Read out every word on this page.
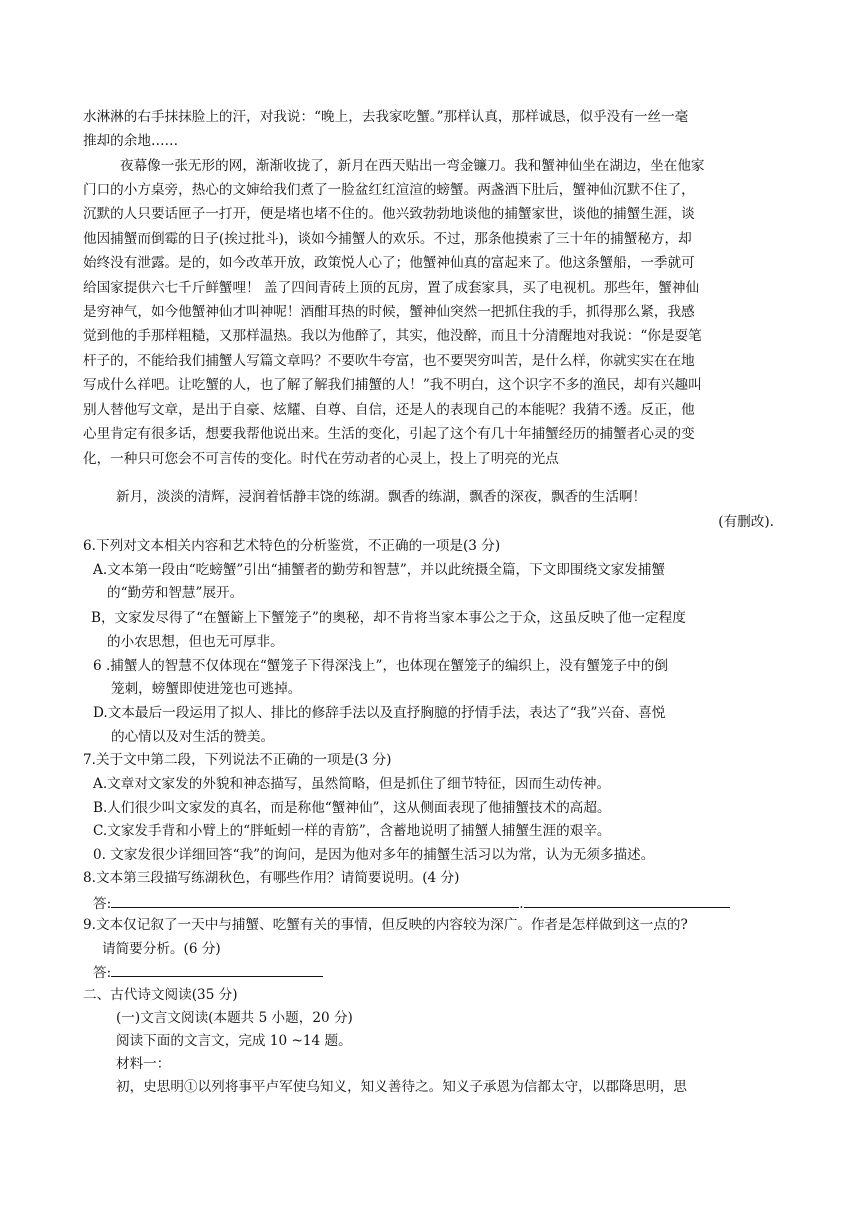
水淋淋的右手抹抹脸上的汗，对我说：“晚上，去我家吃蟹。”那样认真，那样诚恳，似乎没有一丝一毫
推却的余地……
夜幕像一张无形的网，渐渐收拢了，新月在西天贴出一弯金镰刀。我和蟹神仙坐在湖边，坐在他家
门口的小方桌旁，热心的文婶给我们煮了一脸盆红红渲渲的螃蟹。两盏酒下肚后，蟹神仙沉默不住了，
沉默的人只要话匣子一打开，便是堵也堵不住的。他兴致勃勃地谈他的捕蟹家世，谈他的捕蟹生涯，谈
他因捕蟹而倒霉的日子(挨过批斗)，谈如今捕蟹人的欢乐。不过，那条他摸索了三十年的捕蟹秘方，却
始终没有泄露。是的，如今改革开放，政策悦人心了；他蟹神仙真的富起来了。他这条蟹船，一季就可
给国家提供六七千斤鲜蟹哩！ 盖了四间青砖上顶的瓦房，置了成套家具，买了电视机。那些年，蟹神仙
是穷神气，如今他蟹神仙才叫神呢！酒酣耳热的时候，蟹神仙突然一把抓住我的手，抓得那么紧，我感
觉到他的手那样粗糙，又那样温热。我以为他醉了，其实，他没醉，而且十分清醒地对我说：“你是耍笔
杆子的，不能给我们捕蟹人写篇文章吗？不要吹牛夸富，也不要哭穷叫苦，是什么样，你就实实在在地
写成什么祥吧。让吃蟹的人，也了解了解我们捕蟹的人！”我不明白，这个识字不多的渔民，却有兴趣叫
别人替他写文章，是出于自豪、炫耀、自尊、自信，还是人的表现自己的本能呢？我猜不透。反正，他
心里肯定有很多话，想要我帮他说出来。生活的变化，引起了这个有几十年捕蟹经历的捕蟹者心灵的变
化，一种只可您会不可言传的变化。时代在劳动者的心灵上，投上了明亮的光点
新月，淡淡的清辉，浸润着恬静丰饶的练湖。飘香的练湖，飘香的深夜，飘香的生活啊！
(有删改).
6.下列对文本相关内容和艺术特色的分析鉴赏，不正确的一项是(3 分)
A.文本第一段由“吃螃蟹”引出“捕蟹者的勤劳和智慧”，并以此统摄全篇，下文即围绕文家发捕蟹
的“勤劳和智慧”展开。
B，文家发尽得了“在蟹簖上下蟹笼子”的奥秘，却不肯将当家本事公之于众，这虽反映了他一定程度
的小农思想，但也无可厚非。
6 .捕蟹人的智慧不仅体现在“蟹笼子下得深浅上”，也体现在蟹笼子的编织上，没有蟹笼子中的倒
笼刺，螃蟹即使进笼也可逃掉。
D.文本最后一段运用了拟人、排比的修辞手法以及直抒胸臆的抒情手法，表达了“我”兴奋、喜悦
的心情以及对生活的赞美。
7.关于文中第二段，下列说法不正确的一项是(3 分)
A.文章对文家发的外貌和神态描写，虽然简略，但是抓住了细节特征，因而生动传神。
B.人们很少叫文家发的真名，而是称他“蟹神仙”，这从侧面表现了他捕蟹技术的高超。
C.文家发手背和小臂上的“胖蚯蚓一样的青筋”，含蓄地说明了捕蟹人捕蟹生涯的艰辛。
0. 文家发很少详细回答“我”的询问，是因为他对多年的捕蟹生活习以为常，认为无须多描述。
8.文本第三段描写练湖秋色，有哪些作用？请简要说明。(4 分)
答:	.
9.文本仅记叙了一天中与捕蟹、吃蟹有关的事情，但反映的内容较为深广。作者是怎样做到这一点的?
请简要分析。(6 分)
答:
二、古代诗文阅读(35 分)
(一)文言文阅读(本题共 5 小题，20 分)
阅读下面的文言文，完成 10 ~14 题。
材料一：
初，史思明①以列将事平卢军使乌知义，知义善待之。知义子承恩为信都太守，以郡降思明，思
